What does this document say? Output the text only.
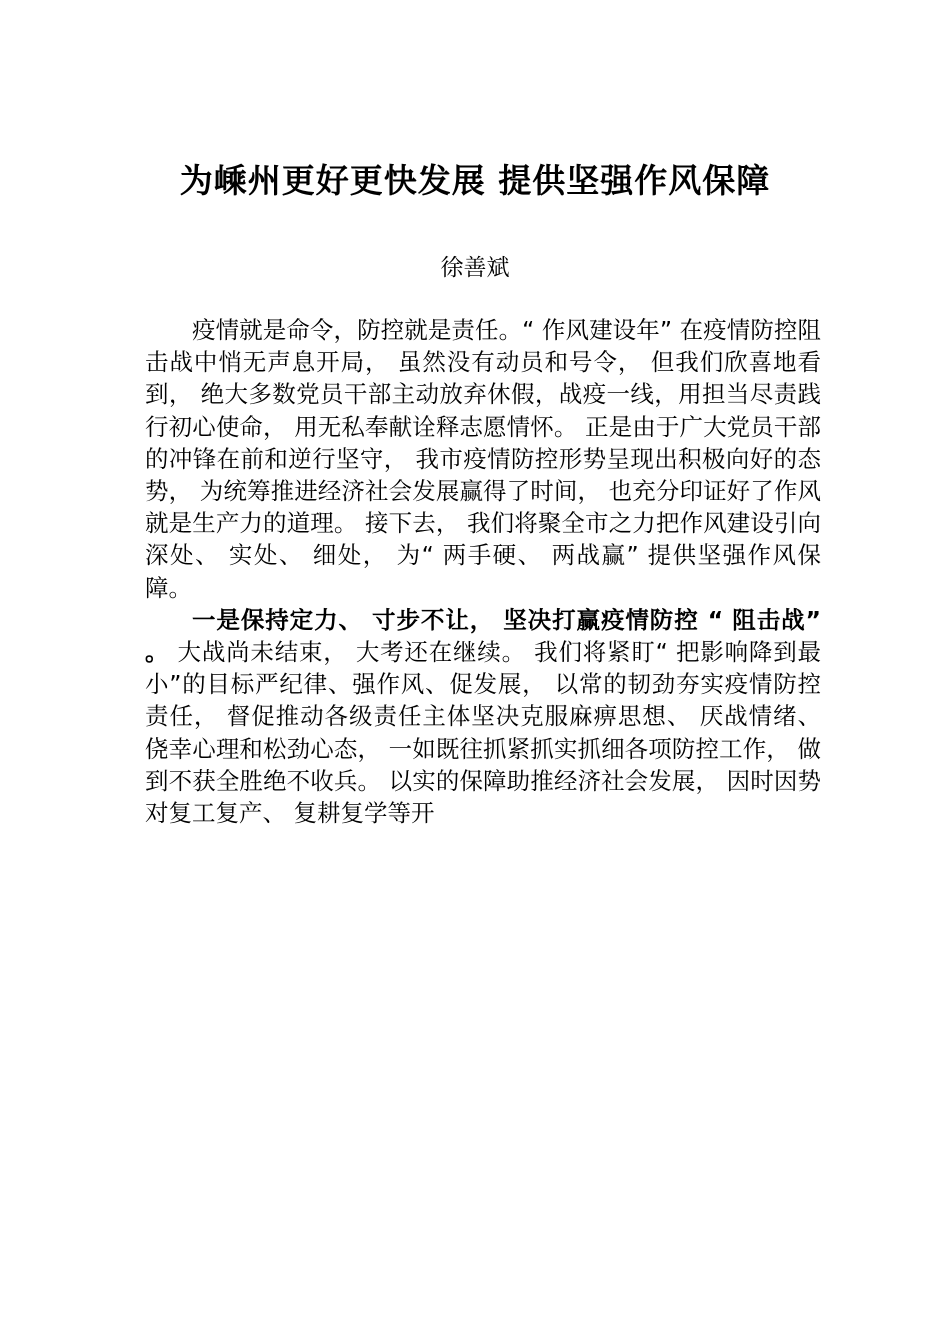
为嵊州更好更快发展 提供坚强作风保障
徐善斌

疫情就是命令，防控就是责任。“ 作风建设年” 在疫情防控阻击战中悄无声息开局， 虽然没有动员和号令， 但我们欣喜地看到， 绝大多数党员干部主动放弃休假，战疫一线，用担当尽责践行初心使命， 用无私奉献诠释志愿情怀。 正是由于广大党员干部的冲锋在前和逆行坚守， 我市疫情防控形势呈现出积极向好的态势， 为统筹推进经济社会发展赢得了时间， 也充分印证好了作风就是生产力的道理。 接下去， 我们将聚全市之力把作风建设引向深处、 实处、 细处， 为“ 两手硬、 两战赢” 提供坚强作风保障。

一是保持定力、 寸步不让， 坚决打赢疫情防控 “ 阻击战” 。 大战尚未结束， 大考还在继续。 我们将紧盯“ 把影响降到最小”的目标严纪律、强作风、促发展， 以常的韧劲夯实疫情防控责任， 督促推动各级责任主体坚决克服麻痹思想、 厌战情绪、 侥幸心理和松劲心态， 一如既往抓紧抓实抓细各项防控工作， 做到不获全胜绝不收兵。 以实的保障助推经济社会发展， 因时因势对复工复产、 复耕复学等开
